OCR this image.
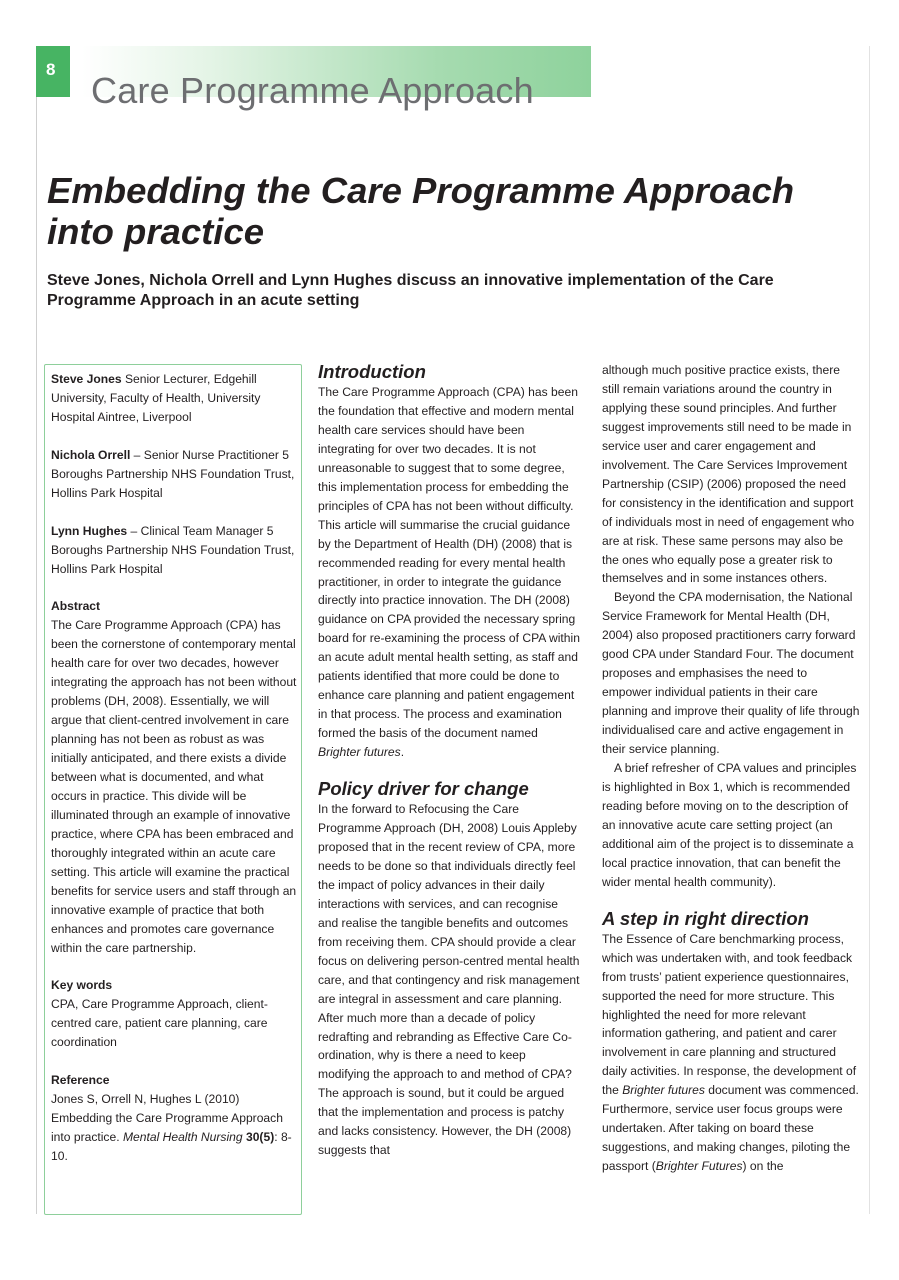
8
Care Programme Approach
Embedding the Care Programme Approach into practice

Steve Jones, Nichola Orrell and Lynn Hughes discuss an innovative implementation of the Care Programme Approach in an acute setting

Steve Jones Senior Lecturer, Edgehill University, Faculty of Health, University Hospital Aintree, Liverpool

Nichola Orrell – Senior Nurse Practitioner 5 Boroughs Partnership NHS Foundation Trust, Hollins Park Hospital

Lynn Hughes – Clinical Team Manager 5 Boroughs Partnership NHS Foundation Trust, Hollins Park Hospital

Abstract

The Care Programme Approach (CPA) has been the cornerstone of contemporary mental health care for over two decades, however integrating the approach has not been without problems (DH, 2008). Essentially, we will argue that client-centred involvement in care planning has not been as robust as was initially anticipated, and there exists a divide between what is documented, and what occurs in practice. This divide will be illuminated through an example of innovative practice, where CPA has been embraced and thoroughly integrated within an acute care setting. This article will examine the practical benefits for service users and staff through an innovative example of practice that both enhances and promotes care governance within the care partnership.

Key words

CPA, Care Programme Approach, client-centred care, patient care planning, care coordination

Reference

Jones S, Orrell N, Hughes L (2010) Embedding the Care Programme Approach into practice. Mental Health Nursing 30(5): 8-10.

Introduction

The Care Programme Approach (CPA) has been the foundation that effective and modern mental health care services should have been integrating for over two decades. It is not unreasonable to suggest that to some degree, this implementation process for embedding the principles of CPA has not been without difficulty. This article will summarise the crucial guidance by the Department of Health (DH) (2008) that is recommended reading for every mental health practitioner, in order to integrate the guidance directly into practice innovation. The DH (2008) guidance on CPA provided the necessary spring board for re-examining the process of CPA within an acute adult mental health setting, as staff and patients identified that more could be done to enhance care planning and patient engagement in that process. The process and examination formed the basis of the document named Brighter futures.

Policy driver for change

In the forward to Refocusing the Care Programme Approach (DH, 2008) Louis Appleby proposed that in the recent review of CPA, more needs to be done so that individuals directly feel the impact of policy advances in their daily interactions with services, and can recognise and realise the tangible benefits and outcomes from receiving them. CPA should provide a clear focus on delivering person-centred mental health care, and that contingency and risk management are integral in assessment and care planning. After much more than a decade of policy redrafting and rebranding as Effective Care Co-ordination, why is there a need to keep modifying the approach to and method of CPA? The approach is sound, but it could be argued that the implementation and process is patchy and lacks consistency. However, the DH (2008) suggests that

although much positive practice exists, there still remain variations around the country in applying these sound principles. And further suggest improvements still need to be made in service user and carer engagement and involvement. The Care Services Improvement Partnership (CSIP) (2006) proposed the need for consistency in the identification and support of individuals most in need of engagement who are at risk. These same persons may also be the ones who equally pose a greater risk to themselves and in some instances others.

Beyond the CPA modernisation, the National Service Framework for Mental Health (DH, 2004) also proposed practitioners carry forward good CPA under Standard Four. The document proposes and emphasises the need to empower individual patients in their care planning and improve their quality of life through individualised care and active engagement in their service planning.

A brief refresher of CPA values and principles is highlighted in Box 1, which is recommended reading before moving on to the description of an innovative acute care setting project (an additional aim of the project is to disseminate a local practice innovation, that can benefit the wider mental health community).

A step in right direction

The Essence of Care benchmarking process, which was undertaken with, and took feedback from trusts’ patient experience questionnaires, supported the need for more structure. This highlighted the need for more relevant information gathering, and patient and carer involvement in care planning and structured daily activities. In response, the development of the Brighter futures document was commenced. Furthermore, service user focus groups were undertaken. After taking on board these suggestions, and making changes, piloting the passport (Brighter Futures) on the
